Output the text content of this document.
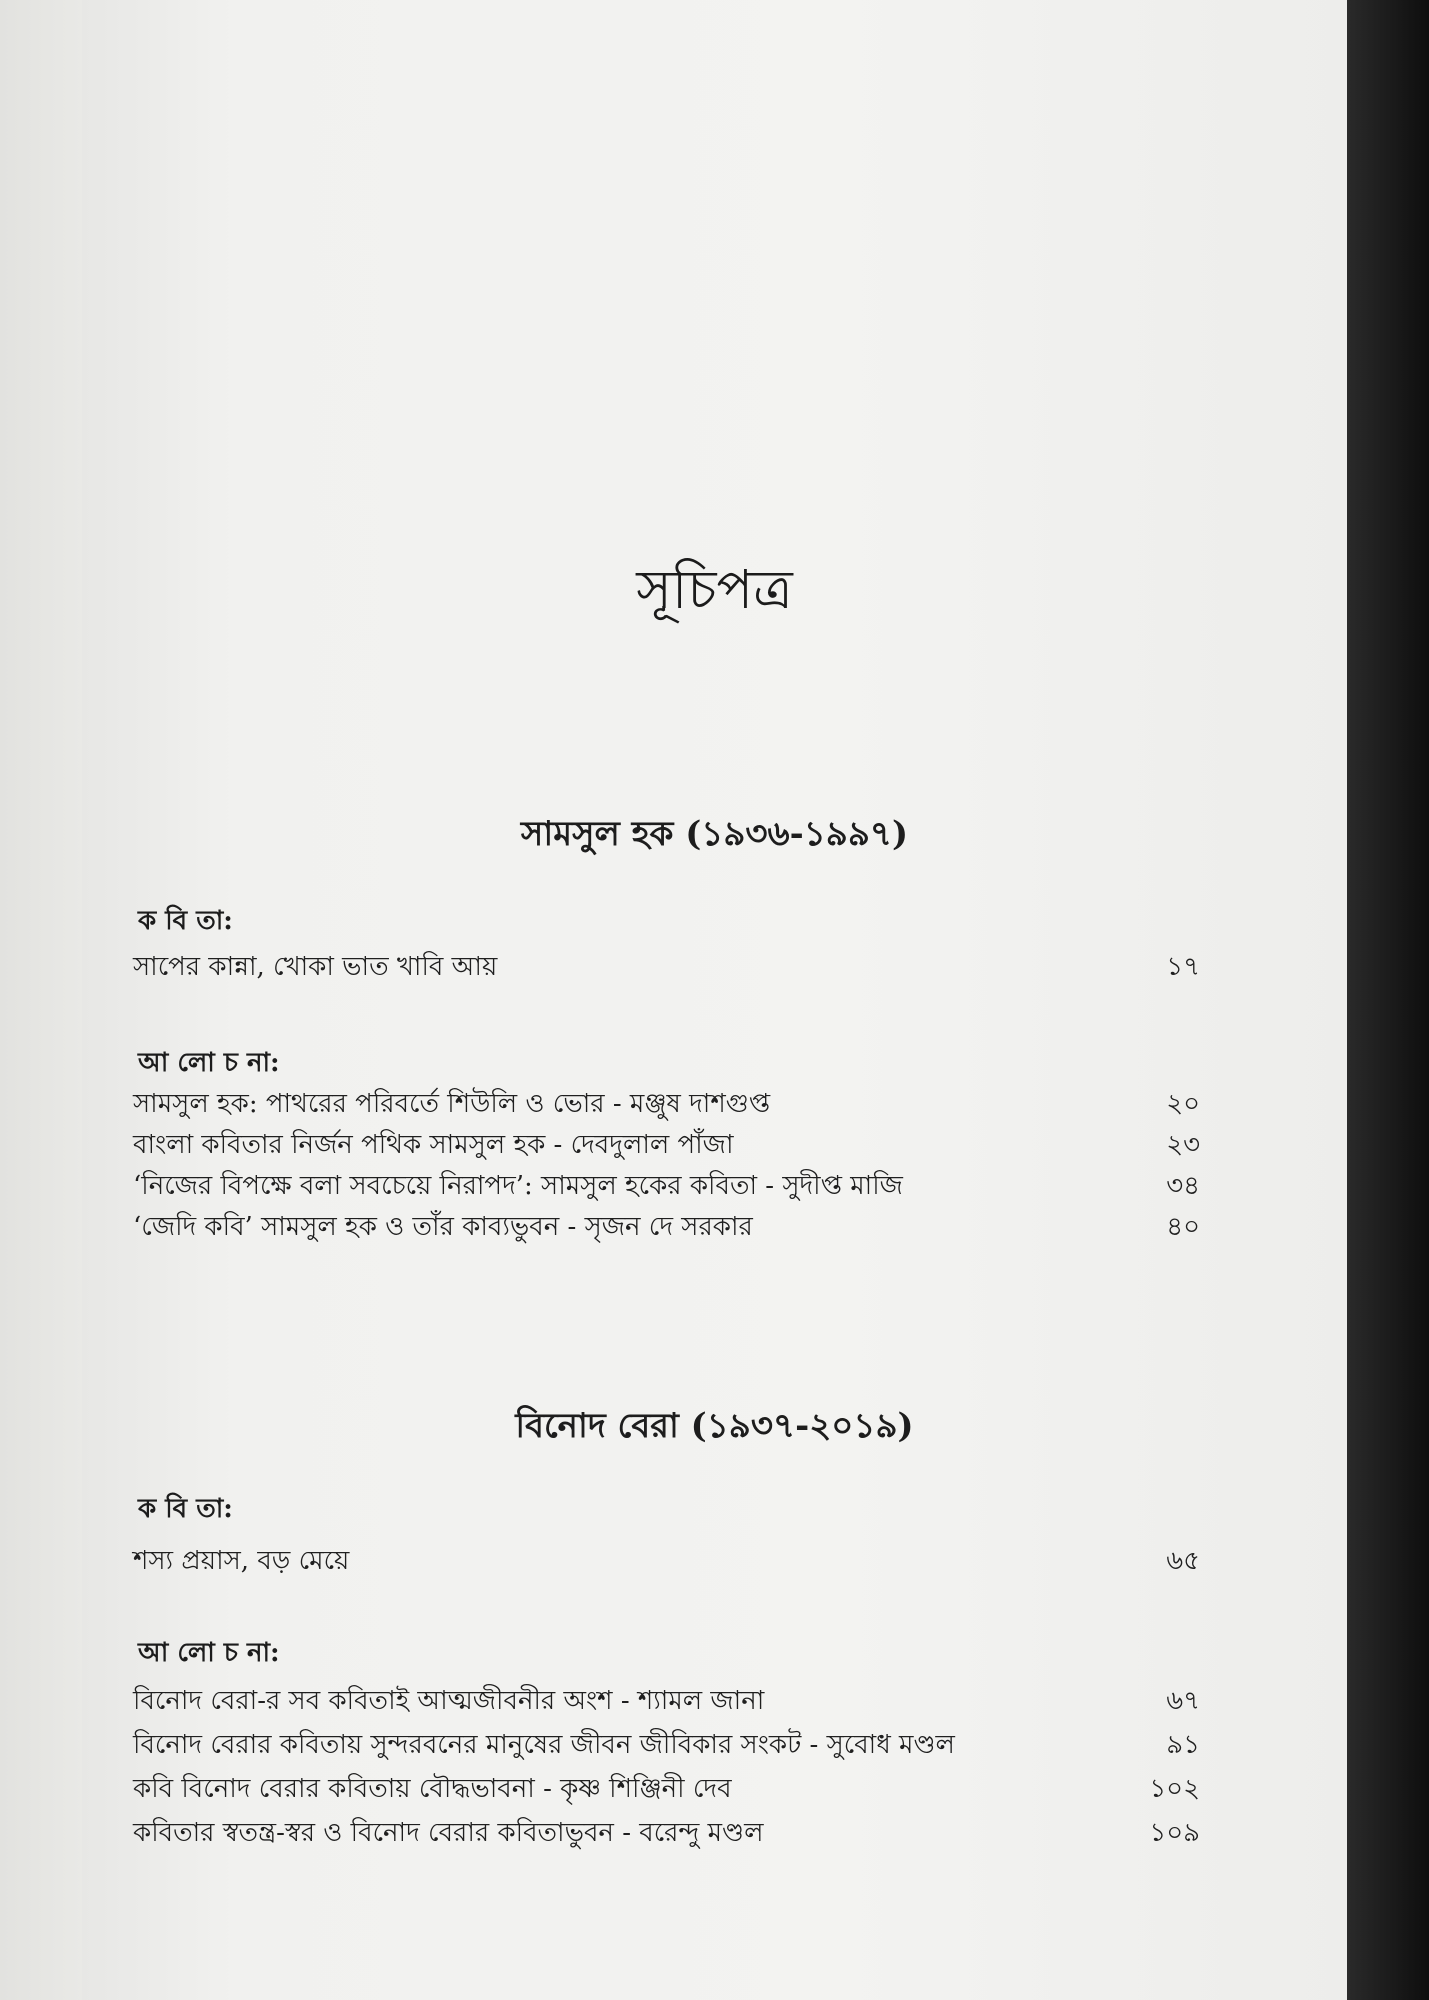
সূচিপত্র
সামসুল হক (১৯৩৬-১৯৯৭)
ক বি তা:
সাপের কান্না, খোকা ভাত খাবি আয়	১৭
আ লো চ না:
সামসুল হক: পাথরের পরিবর্তে শিউলি ও ভোর - মঞ্জুষ দাশগুপ্ত	২০
বাংলা কবিতার নির্জন পথিক সামসুল হক - দেবদুলাল পাঁজা	২৩
‘নিজের বিপক্ষে বলা সবচেয়ে নিরাপদ’: সামসুল হকের কবিতা - সুদীপ্ত মাজি	৩৪
‘জেদি কবি’ সামসুল হক ও তাঁর কাব্যভুবন - সৃজন দে সরকার	৪০
বিনোদ বেরা (১৯৩৭-২০১৯)
ক বি তা:
শস্য প্রয়াস, বড় মেয়ে	৬৫
আ লো চ না:
বিনোদ বেরা-র সব কবিতাই আত্মজীবনীর অংশ - শ্যামল জানা	৬৭
বিনোদ বেরার কবিতায় সুন্দরবনের মানুষের জীবন জীবিকার সংকট - সুবোধ মণ্ডল	৯১
কবি বিনোদ বেরার কবিতায় বৌদ্ধভাবনা - কৃষ্ণ শিঞ্জিনী দেব	১০২
কবিতার স্বতন্ত্র-স্বর ও বিনোদ বেরার কবিতাভুবন - বরেন্দু মণ্ডল	১০৯
